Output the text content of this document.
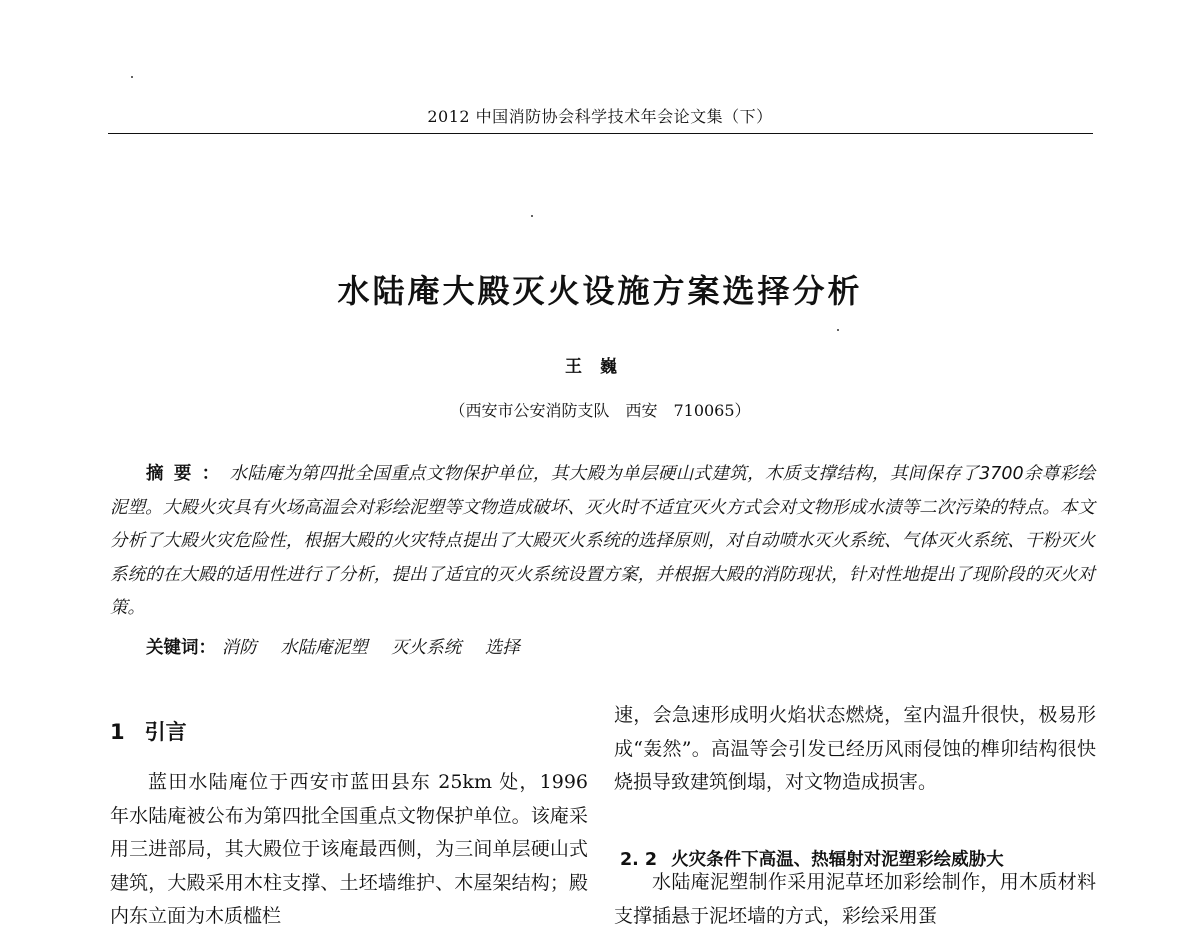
2012 中国消防协会科学技术年会论文集（下）
水陆庵大殿灭火设施方案选择分析
王巍
（西安市公安消防支队　西安　710065）
摘要：水陆庵为第四批全国重点文物保护单位，其大殿为单层硬山式建筑，木质支撑结构，其间保存了3700余尊彩绘泥塑。大殿火灾具有火场高温会对彩绘泥塑等文物造成破坏、灭火时不适宜灭火方式会对文物形成水渍等二次污染的特点。本文分析了大殿火灾危险性，根据大殿的火灾特点提出了大殿灭火系统的选择原则，对自动喷水灭火系统、气体灭火系统、干粉灭火系统的在大殿的适用性进行了分析，提出了适宜的灭火系统设置方案，并根据大殿的消防现状，针对性地提出了现阶段的灭火对策。
关键词： 消防 水陆庵泥塑 灭火系统 选择
1 引言
蓝田水陆庵位于西安市蓝田县东 25km 处，1996 年水陆庵被公布为第四批全国重点文物保护单位。该庵采用三进部局，其大殿位于该庵最西侧，为三间单层硬山式建筑，大殿采用木柱支撑、土坯墙维护、木屋架结构；殿内东立面为木质槛栏
速，会急速形成明火焰状态燃烧，室内温升很快，极易形成“轰然”。高温等会引发已经历风雨侵蚀的榫卯结构很快烧损导致建筑倒塌，对文物造成损害。
2. 2 火灾条件下高温、热辐射对泥塑彩绘威胁大
水陆庵泥塑制作采用泥草坯加彩绘制作，用木质材料支撑插悬于泥坯墙的方式，彩绘采用蛋
